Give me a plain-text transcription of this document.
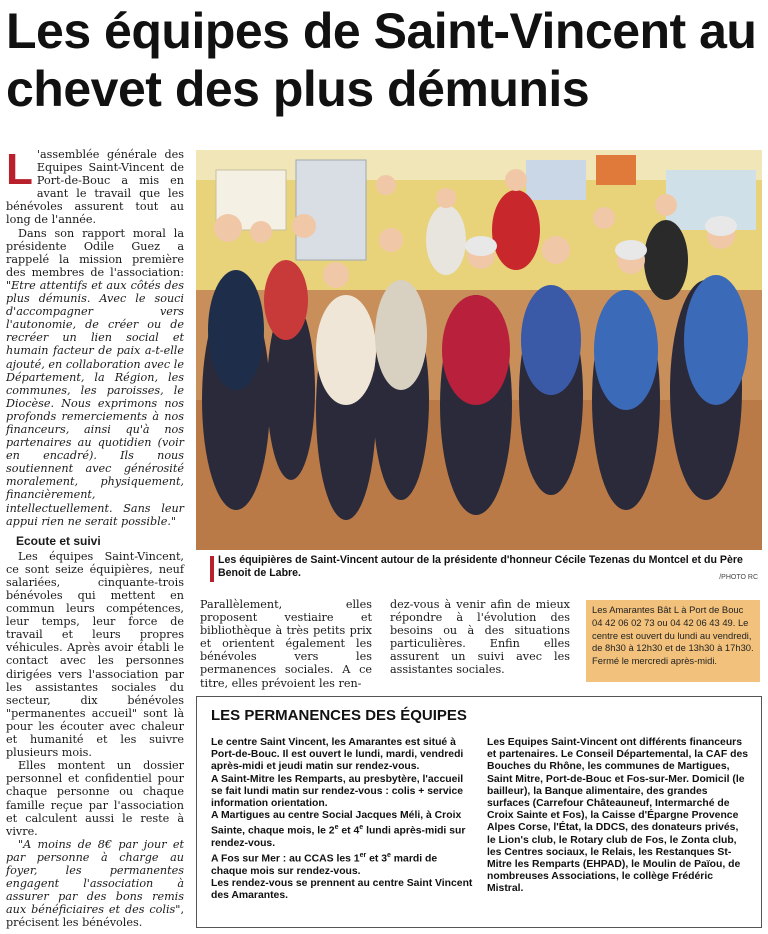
Les équipes de Saint-Vincent au chevet des plus démunis

L 'assemblée générale des Equipes Saint-Vincent de Port-de-Bouc a mis en avant le travail que les bénévoles assurent tout au long de l'année.

Dans son rapport moral la présidente Odile Guez a rappelé la mission première des membres de l'association: "Etre attentifs et aux côtés des plus démunis. Avec le souci d'accompagner vers l'autonomie, de créer ou de recréer un lien social et humain facteur de paix a-t-elle ajouté, en collaboration avec le Département, la Région, les communes, les paroisses, le Diocèse. Nous exprimons nos profonds remerciements à nos financeurs, ainsi qu'à nos partenaires au quotidien (voir en encadré). Ils nous soutiennent avec générosité moralement, physiquement, financièrement, intellectuellement. Sans leur appui rien ne serait possible."

Ecoute et suivi

Les équipes Saint-Vincent, ce sont seize équipières, neuf salariées, cinquante-trois bénévoles qui mettent en commun leurs compétences, leur temps, leur force de travail et leurs propres véhicules. Après avoir établi le contact avec les personnes dirigées vers l'association par les assistantes sociales du secteur, dix bénévoles "permanentes accueil" sont là pour les écouter avec chaleur et humanité et les suivre plusieurs mois.

Elles montent un dossier personnel et confidentiel pour chaque personne ou chaque famille reçue par l'association et calculent aussi le reste à vivre.

"A moins de 8€ par jour et par personne à charge au foyer, les permanentes engagent l'association à assurer par des bons remis aux bénéficiaires et des colis", précisent les bénévoles.

Les équipières de Saint-Vincent autour de la présidente d'honneur Cécile Tezenas du Montcel et du Père Benoit de Labre.	/PHOTO RC

Parallèlement, elles proposent vestiaire et bibliothèque à très petits prix et orientent également les bénévoles vers les permanences sociales. A ce titre, elles prévoient les ren-

dez-vous à venir afin de mieux répondre à l'évolution des besoins ou à des situations particulières. Enfin elles assurent un suivi avec les assistantes sociales.

Les Amarantes Bât L à Port de Bouc
04 42 06 02 73 ou 04 42 06 43 49. Le
centre est ouvert du lundi au vendredi,
de 8h30 à 12h30 et de 13h30 à 17h30.
Fermé le mercredi après-midi.
LES PERMANENCES DES ÉQUIPES

Le centre Saint Vincent, les Amarantes est situé à Port-de-Bouc. Il est ouvert le lundi, mardi, vendredi après-midi et jeudi matin sur rendez-vous.

A Saint-Mitre les Remparts, au presbytère, l'accueil se fait lundi matin sur rendez-vous : colis + service information orientation.

A Martigues au centre Social Jacques Méli, à Croix Sainte, chaque mois, le 2e et 4e lundi après-midi sur rendez-vous.

A Fos sur Mer : au CCAS les 1er et 3e mardi de chaque mois sur rendez-vous.

Les rendez-vous se prennent au centre Saint Vincent des Amarantes.

Les Equipes Saint-Vincent ont différents financeurs et partenaires. Le Conseil Départemental, la CAF des Bouches du Rhône, les communes de Martigues, Saint Mitre, Port-de-Bouc et Fos-sur-Mer. Domicil (le bailleur), la Banque alimentaire, des grandes surfaces (Carrefour Châteauneuf, Intermarché de Croix Sainte et Fos), la Caisse d'Épargne Provence Alpes Corse, l'État, la DDCS, des donateurs privés, le Lion's club, le Rotary club de Fos, le Zonta club, les Centres sociaux, le Relais, les Restanques St-Mitre les Remparts (EHPAD), le Moulin de Païou, de nombreuses Associations, le collège Frédéric Mistral.
